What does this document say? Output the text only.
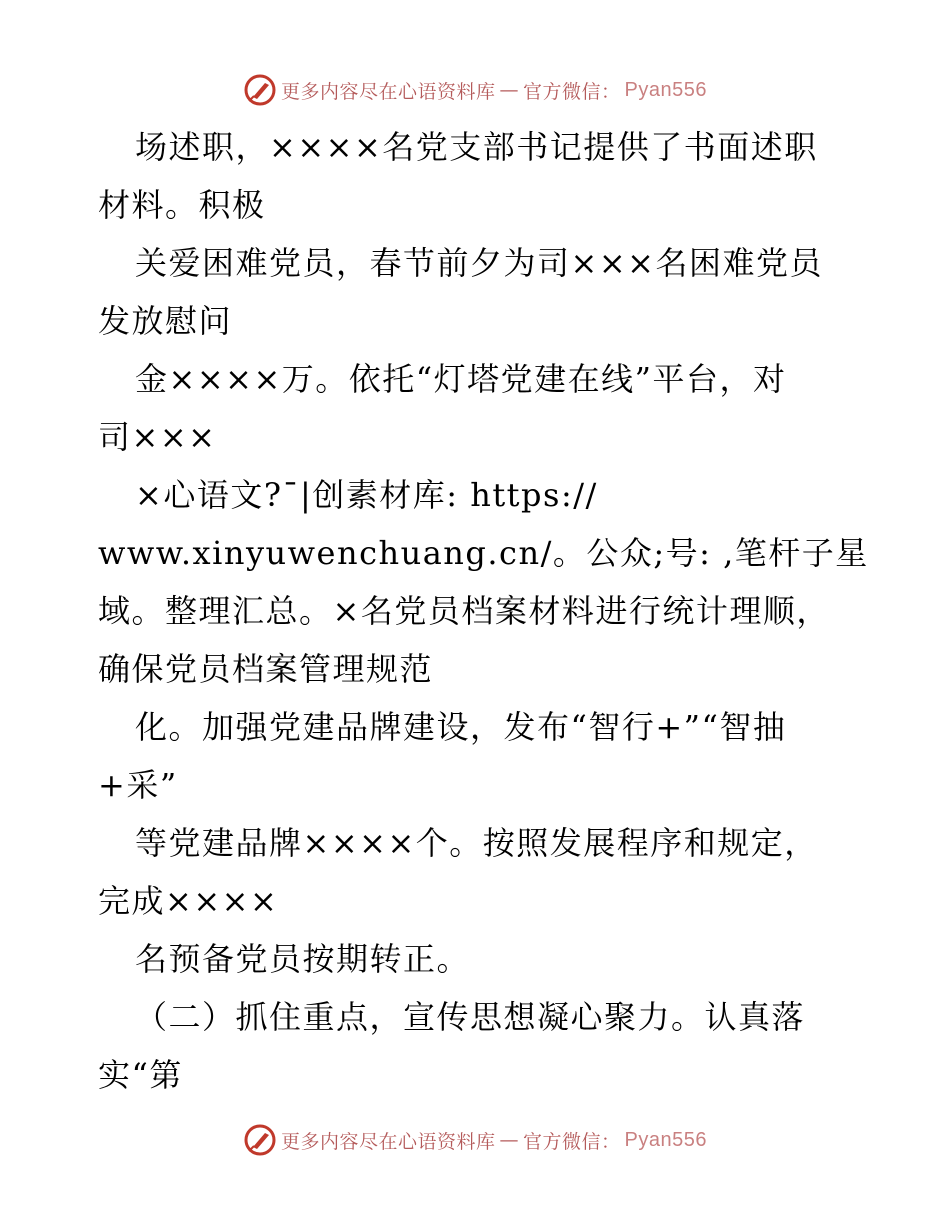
更多内容尽在心语资料库 — 官方微信： Pyan556
场述职，××××名党支部书记提供了书面述职
材料。积极
关爱困难党员，春节前夕为司×××名困难党员
发放慰问
金××××万。依托“灯塔党建在线”平台，对
司×××
×心语文?¯|创素材库: https://
www.xinyuwenchuang.cn/。公众;号: ,笔杆子星
域。整理汇总。×名党员档案材料进行统计理顺，
确保党员档案管理规范
化。加强党建品牌建设，发布“智行+”“智抽
+采”
等党建品牌××××个。按照发展程序和规定，
完成××××
名预备党员按期转正。
（二）抓住重点，宣传思想凝心聚力。认真落
实“第
更多内容尽在心语资料库 — 官方微信： Pyan556
